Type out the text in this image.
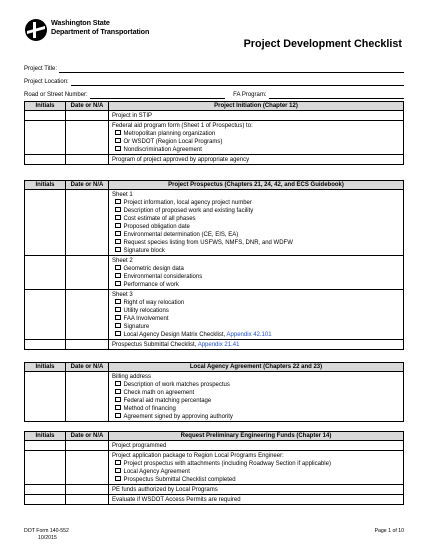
Washington State
Department of Transportation
Project Development Checklist
Project Title:
Project Location:
Road or Street Number:	FA Program:
Initials	Date or N/A	Project Initiation (Chapter 12)
Project in STIP
Federal aid program form (Sheet 1 of Prospectus) to:
Metropolitan planning organization
Or WSDOT (Region Local Programs)
Nondiscrimination Agreement
Program of project approved by appropriate agency
Initials	Date or N/A	Project Prospectus (Chapters 21, 24, 42, and ECS Guidebook)
Sheet 1
Project information, local agency project number
Description of proposed work and existing facility
Cost estimate of all phases
Proposed obligation date
Environmental determination (CE, EIS, EA)
Request species listing from USFWS, NMFS, DNR, and WDFW
Signature block
Sheet 2
Geometric design data
Environmental considerations
Performance of work
Sheet 3
Right of way relocation
Utility relocations
FAA Involvement
Signature
Local Agency Design Matrix Checklist, Appendix 42.101
Prospectus Submittal Checklist, Appendix 21.41
Initials	Date or N/A	Local Agency Agreement (Chapters 22 and 23)
Billing address
Description of work matches prospectus
Check math on agreement
Federal aid matching percentage
Method of financing
Agreement signed by approving authority
Initials	Date or N/A	Request Preliminary Engineering Funds (Chapter 14)
Project programmed
Project application package to Region Local Programs Engineer:
Project prospectus with attachments (including Roadway Section if applicable)
Local Agency Agreement
Prospectus Submittal Checklist completed
PE funds authorized by Local Programs
Evaluate if WSDOT Access Permits are required
DOT Form 140-552
10/2015
Page 1 of 10
